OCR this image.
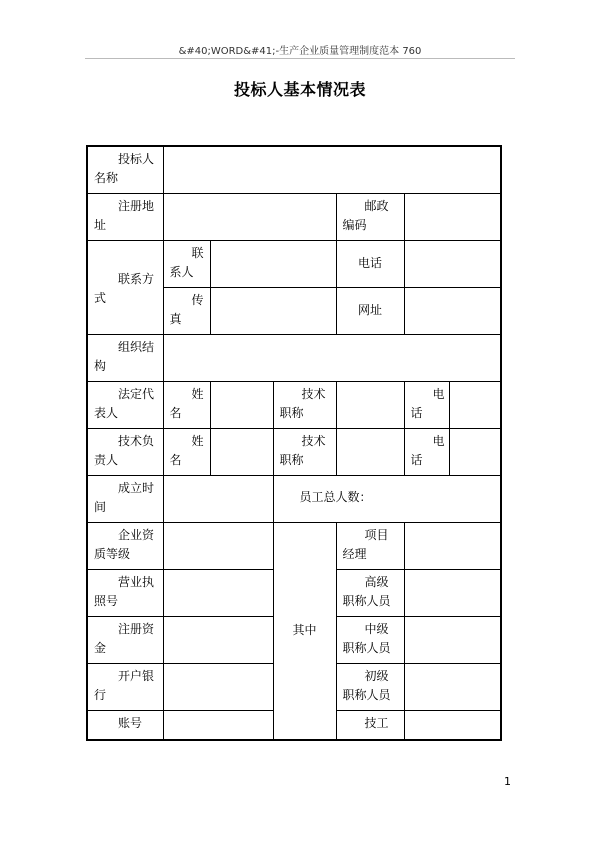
&#40;WORD&#41;-生产企业质量管理制度范本 760
投标人基本情况表
投标人名称						
注册地址				邮政编码		
联系方式	联系人			电话		
	传真			网址		
组织结构						
法定代表人	姓名		技术职称		电话	
技术负责人	姓名		技术职称		电话	
成立时间			员工总人数：			
企业资质等级			其中	项目经理		
营业执照号				高级职称人员		
注册资金				中级职称人员		
开户银行				初级职称人员		
账号				技工		
1
